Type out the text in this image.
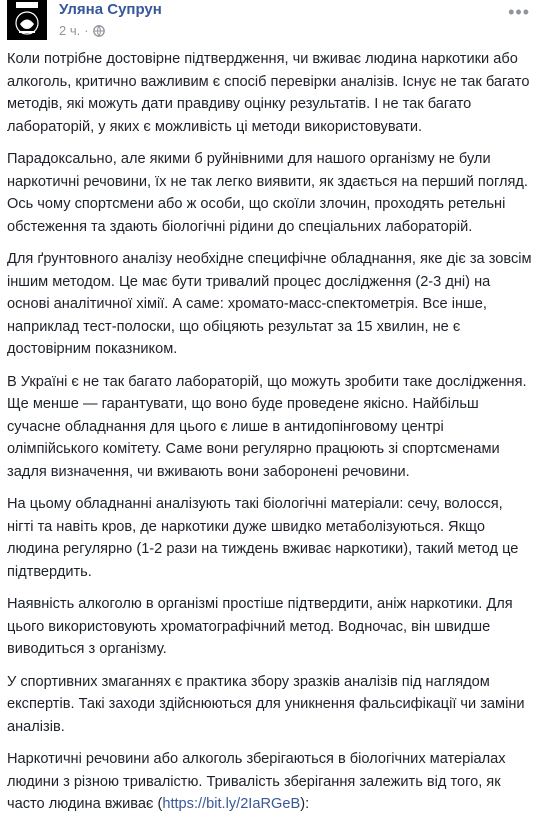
Уляна Супрун
2 ч. ·
•••

Коли потрібне достовірне підтвердження, чи вживає людина наркотики або алкоголь, критично важливим є спосіб перевірки аналізів. Існує не так багато методів, які можуть дати правдиву оцінку результатів. І не так багато лабораторій, у яких є можливість ці методи використовувати.

Парадоксально, але якими б руйнівними для нашого організму не були наркотичні речовини, їх не так легко виявити, як здається на перший погляд. Ось чому спортсмени або ж особи, що скоїли злочин, проходять ретельні обстеження та здають біологічні рідини до спеціальних лабораторій.

Для ґрунтовного аналізу необхідне специфічне обладнання, яке діє за зовсім іншим методом. Це має бути тривалий процес дослідження (2-3 дні) на основі аналітичної хімії. А саме: хромато-масс-спектометрія. Все інше, наприклад тест-полоски, що обіцяють результат за 15 хвилин, не є достовірним показником.

В Україні є не так багато лабораторій, що можуть зробити таке дослідження. Ще менше — гарантувати, що воно буде проведене якісно. Найбільш сучасне обладнання для цього є лише в антидопінговому центрі олімпійського комітету. Саме вони регулярно працюють зі спортсменами задля визначення, чи вживають вони заборонені речовини.

На цьому обладнанні аналізують такі біологічні матеріали: сечу, волосся, нігті та навіть кров, де наркотики дуже швидко метаболізуються. Якщо людина регулярно (1-2 рази на тиждень вживає наркотики), такий метод це підтвердить.

Наявність алкоголю в організмі простіше підтвердити, аніж наркотики. Для цього використовують хроматографічний метод. Водночас, він швидше виводиться з організму.

У спортивних змаганнях є практика збору зразків аналізів під наглядом експертів. Такі заходи здійснюються для уникнення фальсифікації чи заміни аналізів.

Наркотичні речовини або алкоголь зберігаються в біологічних матеріалах людини з різною тривалістю. Тривалість зберігання залежить від того, як часто людина вживає (https://bit.ly/2IaRGeB):
